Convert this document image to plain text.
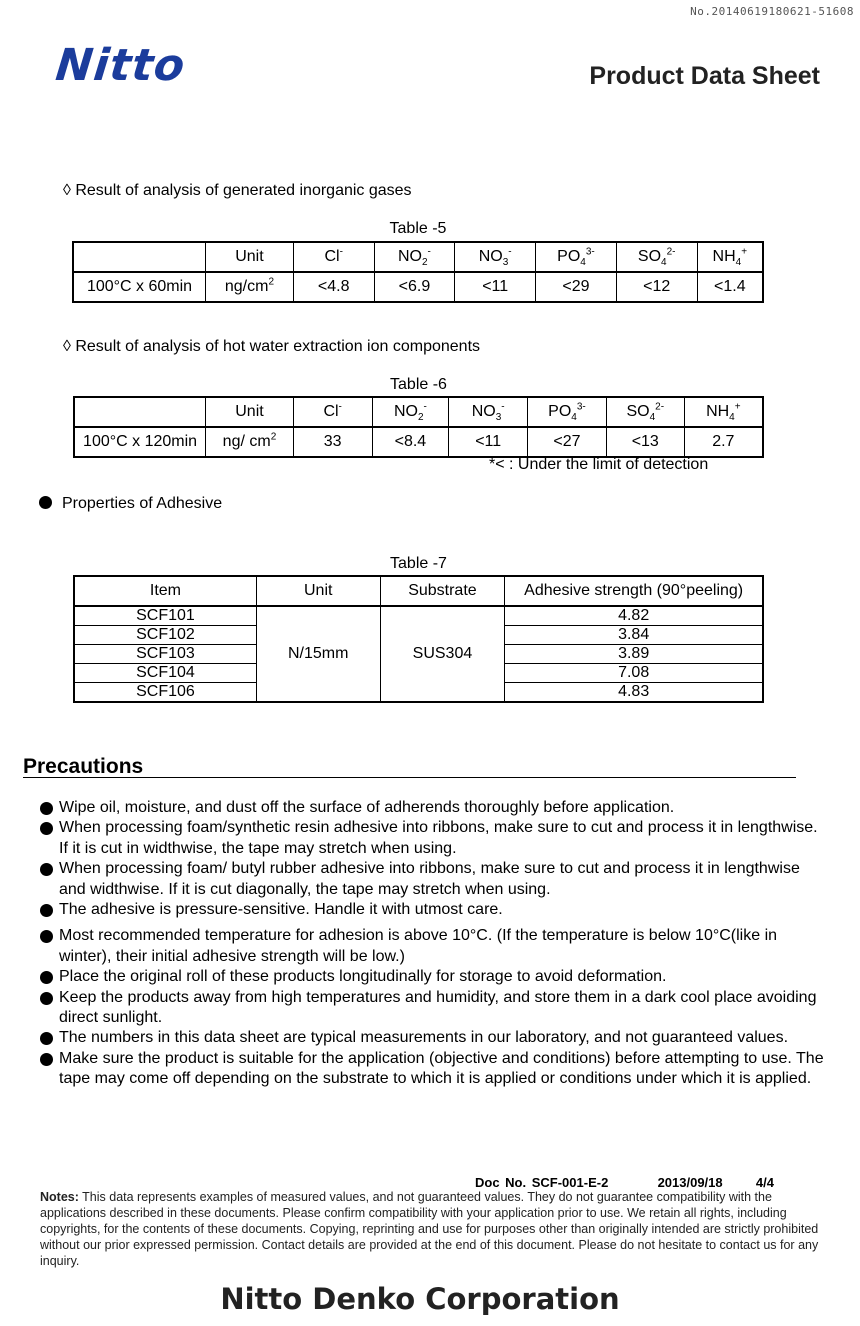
No.20140619180621-51608
Nitto	Product Data Sheet
◊ Result of analysis of generated inorganic gases
Table -5
	Unit	Cl-	$NO_2^-$	$NO_3^-$	$PO_4^{3-}$	$SO_4^{2-}$	$NH_4^+$
100°C x 60min	$ng/cm^2$	<4.8	<6.9	<11	<29	<12	<1.4
◊ Result of analysis of hot water extraction ion components
Table -6
	Unit	Cl-	$NO_2^-$	$NO_3^-$	$PO_4^{3-}$	$SO_4^{2-}$	$NH_4^+$
100°C x 120min	ng/ $cm^2$	33	<8.4	<11	<27	<13	2.7
*< : Under the limit of detection
Properties of Adhesive
Table -7
Item	Unit	Substrate	Adhesive strength (90°peeling)
SCF101	N/15mm	SUS304	4.82
SCF102			3.84
SCF103			3.89
SCF104			7.08
SCF106			4.83
Precautions
Wipe oil, moisture, and dust off the surface of adherends thoroughly before application.
When processing foam/synthetic resin adhesive into ribbons, make sure to cut and process it in lengthwise. If it is cut in widthwise, the tape may stretch when using.
When processing foam/ butyl rubber adhesive into ribbons, make sure to cut and process it in lengthwise and widthwise. If it is cut diagonally, the tape may stretch when using.
The adhesive is pressure-sensitive. Handle it with utmost care.
Most recommended temperature for adhesion is above 10°C. (If the temperature is below 10°C(like in winter), their initial adhesive strength will be low.)
Place the original roll of these products longitudinally for storage to avoid deformation.
Keep the products away from high temperatures and humidity, and store them in a dark cool place avoiding direct sunlight.
The numbers in this data sheet are typical measurements in our laboratory, and not guaranteed values.
Make sure the product is suitable for the application (objective and conditions) before attempting to use. The tape may come off depending on the substrate to which it is applied or conditions under which it is applied.
Doc No. SCF-001-E-2	2013/09/18	4/4
Notes: This data represents examples of measured values, and not guaranteed values. They do not guarantee compatibility with the applications described in these documents. Please confirm compatibility with your application prior to use. We retain all rights, including copyrights, for the contents of these documents. Copying, reprinting and use for purposes other than originally intended are strictly prohibited without our prior expressed permission. Contact details are provided at the end of this document. Please do not hesitate to contact us for any inquiry.
Nitto Denko Corporation
